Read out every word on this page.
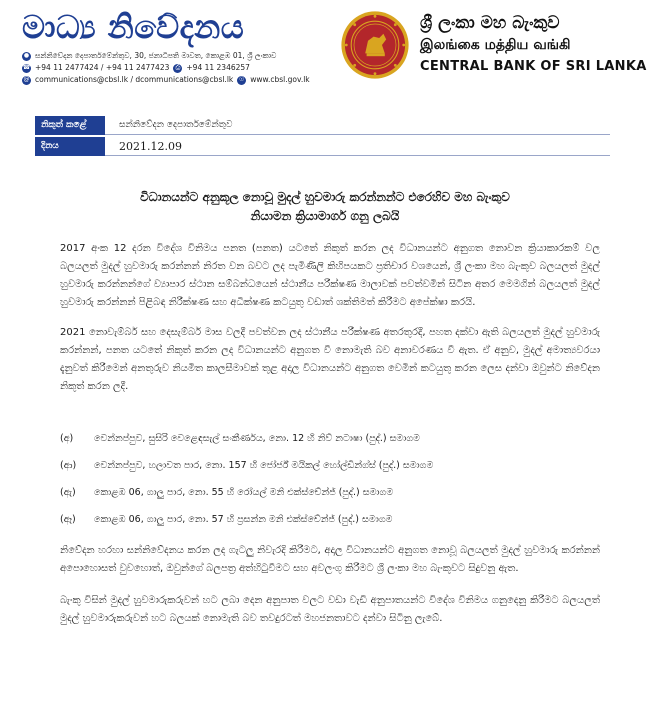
මාධ්‍ය නිවේදනය
● සන්නිවේදන දෙපාර්තමේන්තුව, 30, ජනාධිපති මාවත, කොළඹ 01, ශ්‍රී ලංකාව
☎ +94 11 2477424 / +94 11 2477423	⎙ +94 11 2346257
@ communications@cbsl.lk / dcommunications@cbsl.lk ☉ www.cbsl.gov.lk
ශ්‍රී ලංකා මහ බැංකුව
இலங்கை மத்திய வங்கி
CENTRAL BANK OF SRI LANKA
නිකුත් කළේ	සන්නිවේදන දෙපාර්තමේන්තුව
දිනය	2021.12.09
විධානයන්ට අනුකූල නොවූ මුදල් හුවමාරු කරන්නන්ට එරෙහිව මහ බැංකුව
නියාමන ක්‍රියාමාර්ග ගනු ලබයි

2017 අංක 12 දරන විදේශ විනිමය පනත (පනත) යටතේ නිකුත් කරන ලද විධානයන්ට අනුගත නොවන ක්‍රියාකාරකම් වල බලයලත් මුදල් හුවමාරු කරන්නන් නිරත වන බවට ලද පැමිණිලි කිහිපයකට ප්‍රතිචාර වශයෙන්, ශ්‍රී ලංකා මහ බැංකුව බලයලත් මුදල් හුවමාරු කරන්නන්ගේ ව්‍යාපාර ස්ථාන සම්බන්ධයෙන් ස්ථානීය පරීක්ෂණ මාලාවක් පවත්වමින් සිටින අතර මෙමගින් බලයලත් මුදල් හුවමාරු කරන්නන් පිළිබඳ නිරීක්ෂණ සහ අධීක්ෂණ කටයුතු වඩාත් ශක්තිමත් කිරීමට අපේක්ෂා කරයි.

2021 නොවැම්බර් සහ දෙසැම්බර් මාස වලදී පවත්වන ලද ස්ථානීය පරීක්ෂණ අතරතුරදී, පහත දක්වා ඇති බලයලත් මුදල් හුවමාරු කරන්නන්, පනත යටතේ නිකුත් කරන ලද විධානයන්ට අනුගත වී නොමැති බව අනාවරණය වී ඇත. ඒ අනුව, මුදල් අමාත්‍යවරයා දැනුවත් කිරීමෙන් අනතුරුව නියමිත කාලසීමාවක් තුළ අදාල විධානයන්ට අනුගත වෙමින් කටයුතු කරන ලෙස දන්වා ඔවුන්ට නිවේදන නිකුත් කරන ලදී.

(අ)	වෙන්නප්පුව, සුසිරි වෙළෙඳසැල් සංකීර්ණය, නො. 12 හි නිව් නටාෂා (පුද්.) සමාගම
(ආ)	වෙන්නප්පුව, හලාවත පාර, නො. 157 හි ජෝර්ජ් මයිකල් හෝල්ඩින්ග්ස් (පුද්.) සමාගම
(ඇ)	කොළඹ 06, ගාලු පාර, නො. 55 හි රෝයල් මනි එක්ස්චේන්ජ් (පුද්.) සමාගම
(ඈ)	කොළඹ 06, ගාලු පාර, නො. 57 හි ප්‍රසන්න මනි එක්ස්චේන්ජ් (පුද්.) සමාගම

නිවේදන හරහා සන්නිවේදනය කරන ලද ගැටලු නිවැරදි කිරීමට, අදාල විධානයන්ට අනුගත නොවූ බලයලත් මුදල් හුවමාරු කරන්නන් අපොහොසත් වුවහොත්, ඔවුන්ගේ බලපත්‍ර අත්හිටුවීමට සහ අවලංගු කිරීමට ශ්‍රී ලංකා මහ බැංකුවට සිදුවනු ඇත.

බැංකු විසින් මුදල් හුවමාරුකරුවන් හට ලබා දෙන අනුපාත වලට වඩා වැඩි අනුපාතයන්ට විදේශ විනිමය ගනුදෙනු කිරීමට බලයලත් මුදල් හුවමාරුකරුවන් හට බලයක් නොමැති බව තවදුරටත් මහජනතාවට දන්වා සිටිනු ලැබේ.
